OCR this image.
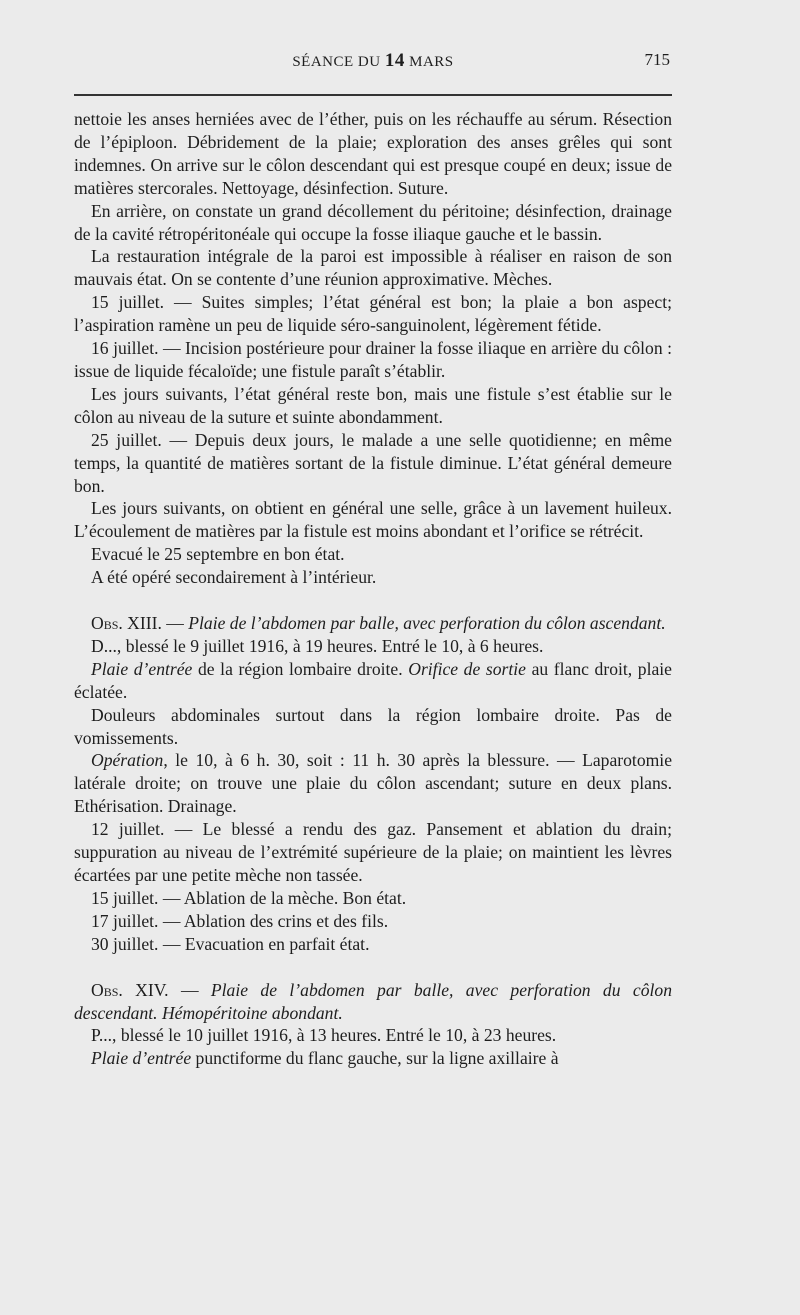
SÉANCE DU 14 MARS	715

nettoie les anses herniées avec de l’éther, puis on les réchauffe au sérum. Résection de l’épiploon. Débridement de la plaie; exploration des anses grêles qui sont indemnes. On arrive sur le côlon descendant qui est presque coupé en deux; issue de matières stercorales. Nettoyage, désinfection. Suture.

En arrière, on constate un grand décollement du péritoine; désinfection, drainage de la cavité rétropéritonéale qui occupe la fosse iliaque gauche et le bassin.

La restauration intégrale de la paroi est impossible à réaliser en raison de son mauvais état. On se contente d’une réunion approximative. Mèches.

15 juillet. — Suites simples; l’état général est bon; la plaie a bon aspect; l’aspiration ramène un peu de liquide séro-sanguinolent, légèrement fétide.

16 juillet. — Incision postérieure pour drainer la fosse iliaque en arrière du côlon : issue de liquide fécaloïde; une fistule paraît s’établir.

Les jours suivants, l’état général reste bon, mais une fistule s’est établie sur le côlon au niveau de la suture et suinte abondamment.

25 juillet. — Depuis deux jours, le malade a une selle quotidienne; en même temps, la quantité de matières sortant de la fistule diminue. L’état général demeure bon.

Les jours suivants, on obtient en général une selle, grâce à un lavement huileux. L’écoulement de matières par la fistule est moins abondant et l’orifice se rétrécit.

Evacué le 25 septembre en bon état.

A été opéré secondairement à l’intérieur.

Obs. XIII. — Plaie de l’abdomen par balle, avec perforation du côlon ascendant.

D..., blessé le 9 juillet 1916, à 19 heures. Entré le 10, à 6 heures.

Plaie d’entrée de la région lombaire droite. Orifice de sortie au flanc droit, plaie éclatée.

Douleurs abdominales surtout dans la région lombaire droite. Pas de vomissements.

Opération, le 10, à 6 h. 30, soit : 11 h. 30 après la blessure. — Laparotomie latérale droite; on trouve une plaie du côlon ascendant; suture en deux plans. Ethérisation. Drainage.

12 juillet. — Le blessé a rendu des gaz. Pansement et ablation du drain; suppuration au niveau de l’extrémité supérieure de la plaie; on maintient les lèvres écartées par une petite mèche non tassée.

15 juillet. — Ablation de la mèche. Bon état.

17 juillet. — Ablation des crins et des fils.

30 juillet. — Evacuation en parfait état.

Obs. XIV. — Plaie de l’abdomen par balle, avec perforation du côlon descendant. Hémopéritoine abondant.

P..., blessé le 10 juillet 1916, à 13 heures. Entré le 10, à 23 heures.

Plaie d’entrée punctiforme du flanc gauche, sur la ligne axillaire à
